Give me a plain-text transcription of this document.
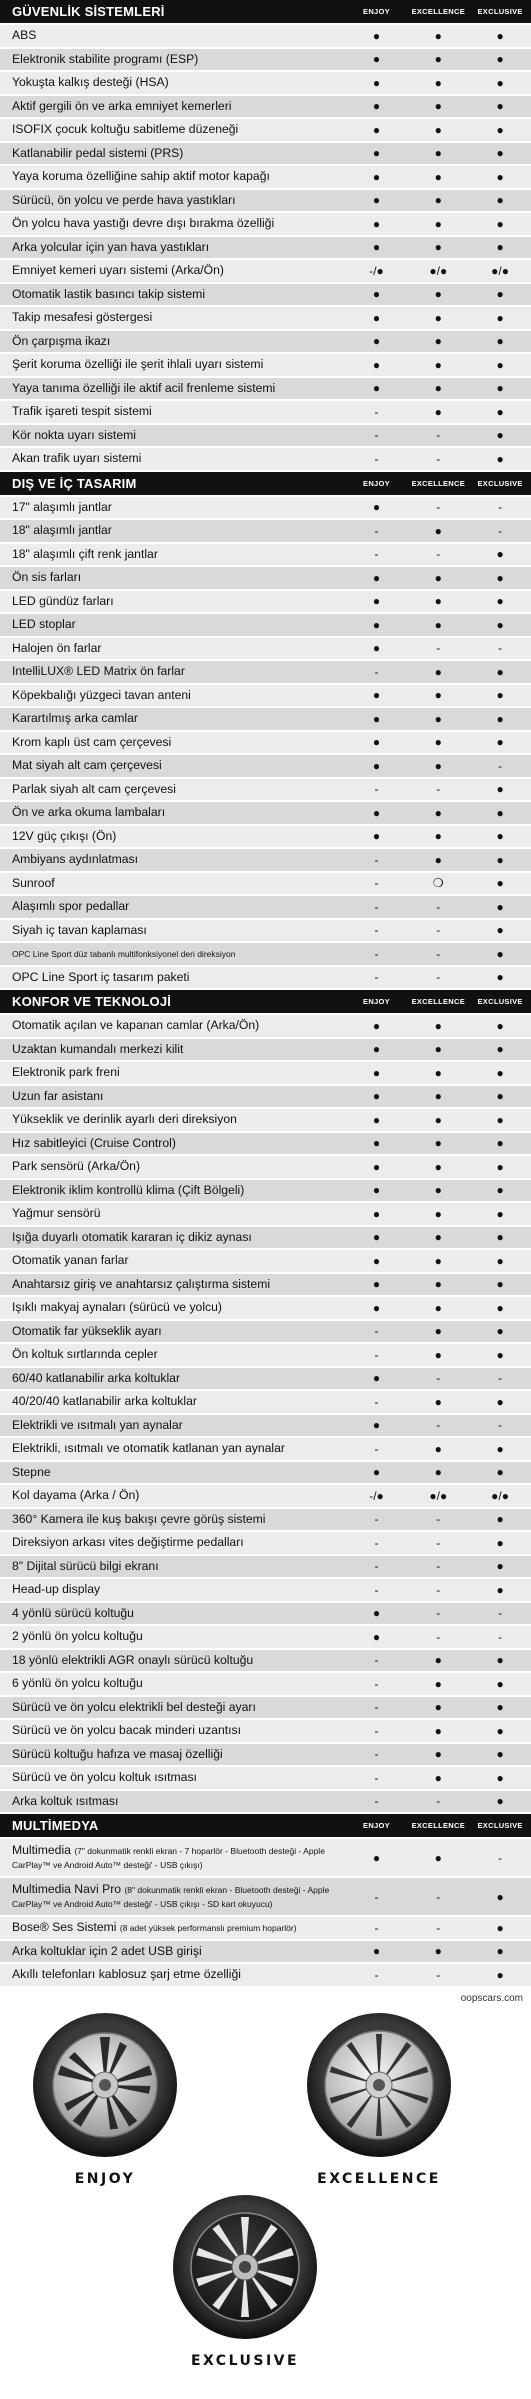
GÜVENLİK SİSTEMLERİ	ENJOY	EXCELLENCE	EXCLUSIVE
ABS	●	●	●
Elektronik stabilite programı (ESP)	●	●	●
Yokuşta kalkış desteği (HSA)	●	●	●
Aktif gergili ön ve arka emniyet kemerleri	●	●	●
ISOFIX çocuk koltuğu sabitleme düzeneği	●	●	●
Katlanabilir pedal sistemi (PRS)	●	●	●
Yaya koruma özelliğine sahip aktif motor kapağı	●	●	●
Sürücü, ön yolcu ve perde hava yastıkları	●	●	●
Ön yolcu hava yastığı devre dışı bırakma özelliği	●	●	●
Arka yolcular için yan hava yastıkları	●	●	●
Emniyet kemeri uyarı sistemi (Arka/Ön)	-/●	●/●	●/●
Otomatik lastik basıncı takip sistemi	●	●	●
Takip mesafesi göstergesi	●	●	●
Ön çarpışma ikazı	●	●	●
Şerit koruma özelliği ile şerit ihlali uyarı sistemi	●	●	●
Yaya tanıma özelliği ile aktif acil frenleme sistemi	●	●	●
Trafik işareti tespit sistemi	-	●	●
Kör nokta uyarı sistemi	-	-	●
Akan trafik uyarı sistemi	-	-	●
DIŞ VE İÇ TASARIM	ENJOY	EXCELLENCE	EXCLUSIVE
17" alaşımlı jantlar	●	-	-
18" alaşımlı jantlar	-	●	-
18" alaşımlı çift renk jantlar	-	-	●
Ön sis farları	●	●	●
LED gündüz farları	●	●	●
LED stoplar	●	●	●
Halojen ön farlar	●	-	-
IntelliLUX® LED Matrix ön farlar	-	●	●
Köpekbalığı yüzgeci tavan anteni	●	●	●
Karartılmış arka camlar	●	●	●
Krom kaplı üst cam çerçevesi	●	●	●
Mat siyah alt cam çerçevesi	●	●	-
Parlak siyah alt cam çerçevesi	-	-	●
Ön ve arka okuma lambaları	●	●	●
12V güç çıkışı (Ön)	●	●	●
Ambiyans aydınlatması	-	●	●
Sunroof	-	❍	●
Alaşımlı spor pedallar	-	-	●
Siyah iç tavan kaplaması	-	-	●
OPC Line Sport düz tabanlı multifonksiyonel deri direksiyon	-	-	●
OPC Line Sport iç tasarım paketi	-	-	●
KONFOR VE TEKNOLOJİ	ENJOY	EXCELLENCE	EXCLUSIVE
Otomatik açılan ve kapanan camlar (Arka/Ön)	●	●	●
Uzaktan kumandalı merkezi kilit	●	●	●
Elektronik park freni	●	●	●
Uzun far asistanı	●	●	●
Yükseklik ve derinlik ayarlı deri direksiyon	●	●	●
Hız sabitleyici (Cruise Control)	●	●	●
Park sensörü (Arka/Ön)	●	●	●
Elektronik iklim kontrollü klima (Çift Bölgeli)	●	●	●
Yağmur sensörü	●	●	●
Işığa duyarlı otomatik kararan iç dikiz aynası	●	●	●
Otomatik yanan farlar	●	●	●
Anahtarsız giriş ve anahtarsız çalıştırma sistemi	●	●	●
Işıklı makyaj aynaları (sürücü ve yolcu)	●	●	●
Otomatik far yükseklik ayarı	-	●	●
Ön koltuk sırtlarında cepler	-	●	●
60/40 katlanabilir arka koltuklar	●	-	-
40/20/40 katlanabilir arka koltuklar	-	●	●
Elektrikli ve ısıtmalı yan aynalar	●	-	-
Elektrikli, ısıtmalı ve otomatik katlanan yan aynalar	-	●	●
Stepne	●	●	●
Kol dayama (Arka / Ön)	-/●	●/●	●/●
360° Kamera ile kuş bakışı çevre görüş sistemi	-	-	●
Direksiyon arkası vites değiştirme pedalları	-	-	●
8" Dijital sürücü bilgi ekranı	-	-	●
Head-up display	-	-	●
4 yönlü sürücü koltuğu	●	-	-
2 yönlü ön yolcu koltuğu	●	-	-
18 yönlü elektrikli AGR onaylı sürücü koltuğu	-	●	●
6 yönlü ön yolcu koltuğu	-	●	●
Sürücü ve ön yolcu elektrikli bel desteği ayarı	-	●	●
Sürücü ve ön yolcu bacak minderi uzantısı	-	●	●
Sürücü koltuğu hafıza ve masaj özelliği	-	●	●
Sürücü ve ön yolcu koltuk ısıtması	-	●	●
Arka koltuk ısıtması	-	-	●
MULTİMEDYA	ENJOY	EXCELLENCE	EXCLUSIVE
Multimedia (7" dokunmatik renkli ekran - 7 hoparlör - Bluetooth desteği - Apple CarPlay™ ve Android Auto™ desteği' - USB çıkışı)	●	●	-
Multimedia Navi Pro (8" dokunmatik renkli ekran - Bluetooth desteği - Apple CarPlay™ ve Android Auto™ desteği' - USB çıkışı - SD kart okuyucu)	-	-	●
Bose® Ses Sistemi (8 adet yüksek performanslı premium hoparlör)	-	-	●
Arka koltuklar için 2 adet USB girişi	●	●	●
Akıllı telefonları kablosuz şarj etme özelliği	-	-	●
oopscars.com
ENJOY	EXCELLENCE
EXCLUSIVE
